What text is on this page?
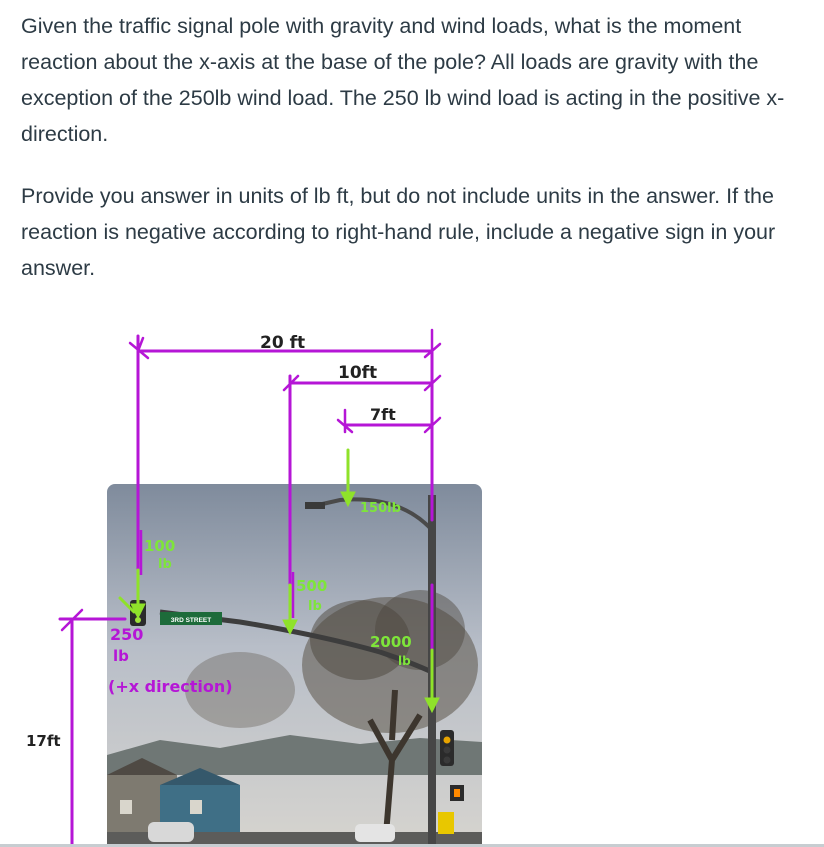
Given the traffic signal pole with gravity and wind loads, what is the moment reaction about the x-axis at the base of the pole? All loads are gravity with the exception of the 250lb wind load. The 250 lb wind load is acting in the positive x-direction.

Provide you answer in units of lb ft, but do not include units in the answer. If the reaction is negative according to right-hand rule, include a negative sign in your answer.

3RD STREET
20 ft
10ft
7ft
17ft
100
lb
500
lb
150lb
2000
lb
250
lb
(+x direction)
